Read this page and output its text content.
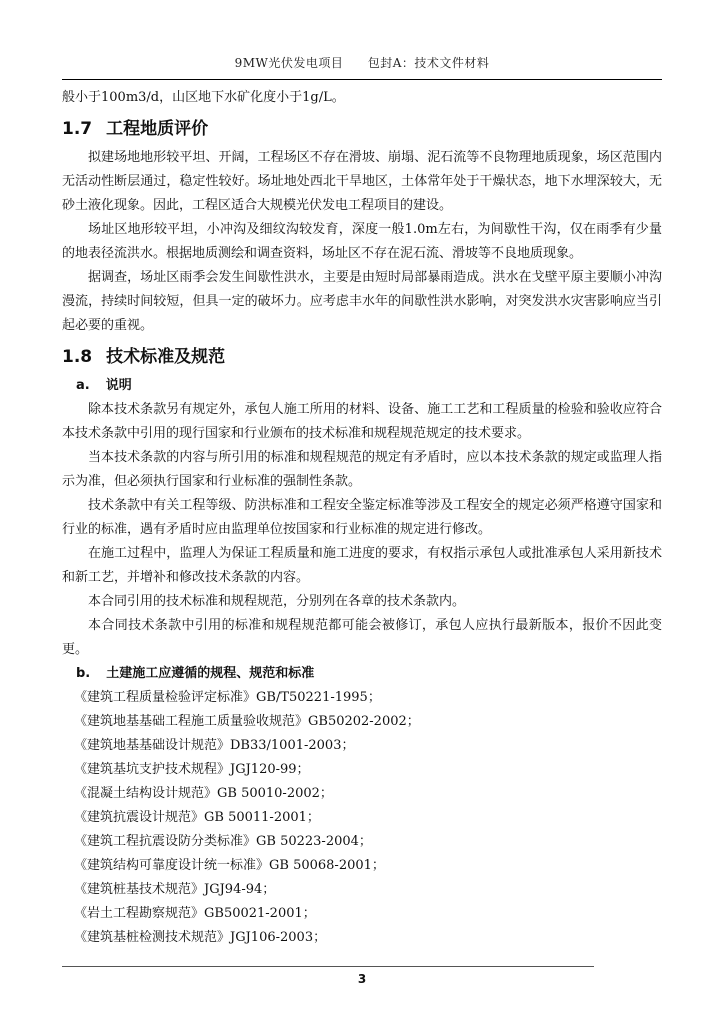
9MW光伏发电项目 包封A：技术文件材料

般小于100m3/d，山区地下水矿化度小于1g/L。

1.7 工程地质评价

拟建场地地形较平坦、开阔，工程场区不存在滑坡、崩塌、泥石流等不良物理地质现象，场区范围内无活动性断层通过，稳定性较好。场址地处西北干旱地区，土体常年处于干燥状态，地下水埋深较大，无砂土液化现象。因此，工程区适合大规模光伏发电工程项目的建设。

场址区地形较平坦，小冲沟及细纹沟较发育，深度一般1.0m左右，为间歇性干沟，仅在雨季有少量的地表径流洪水。根据地质测绘和调查资料，场址区不存在泥石流、滑坡等不良地质现象。

据调查，场址区雨季会发生间歇性洪水，主要是由短时局部暴雨造成。洪水在戈壁平原主要顺小冲沟漫流，持续时间较短，但具一定的破坏力。应考虑丰水年的间歇性洪水影响，对突发洪水灾害影响应当引起必要的重视。

1.8 技术标准及规范
a. 说明

除本技术条款另有规定外，承包人施工所用的材料、设备、施工工艺和工程质量的检验和验收应符合本技术条款中引用的现行国家和行业颁布的技术标准和规程规范规定的技术要求。

当本技术条款的内容与所引用的标准和规程规范的规定有矛盾时，应以本技术条款的规定或监理人指示为准，但必须执行国家和行业标准的强制性条款。

技术条款中有关工程等级、防洪标准和工程安全鉴定标准等涉及工程安全的规定必须严格遵守国家和行业的标准，遇有矛盾时应由监理单位按国家和行业标准的规定进行修改。

在施工过程中，监理人为保证工程质量和施工进度的要求，有权指示承包人或批准承包人采用新技术和新工艺，并增补和修改技术条款的内容。

本合同引用的技术标准和规程规范，分别列在各章的技术条款内。

本合同技术条款中引用的标准和规程规范都可能会被修订，承包人应执行最新版本，报价不因此变更。

b. 土建施工应遵循的规程、规范和标准
《建筑工程质量检验评定标准》GB/T50221-1995；
《建筑地基基础工程施工质量验收规范》GB50202-2002；
《建筑地基基础设计规范》DB33/1001-2003；
《建筑基坑支护技术规程》JGJ120-99；
《混凝土结构设计规范》GB 50010-2002；
《建筑抗震设计规范》GB 50011-2001；
《建筑工程抗震设防分类标准》GB 50223-2004；
《建筑结构可靠度设计统一标准》GB 50068-2001；
《建筑桩基技术规范》JGJ94-94；
《岩土工程勘察规范》GB50021-2001；
《建筑基桩检测技术规范》JGJ106-2003；
3
